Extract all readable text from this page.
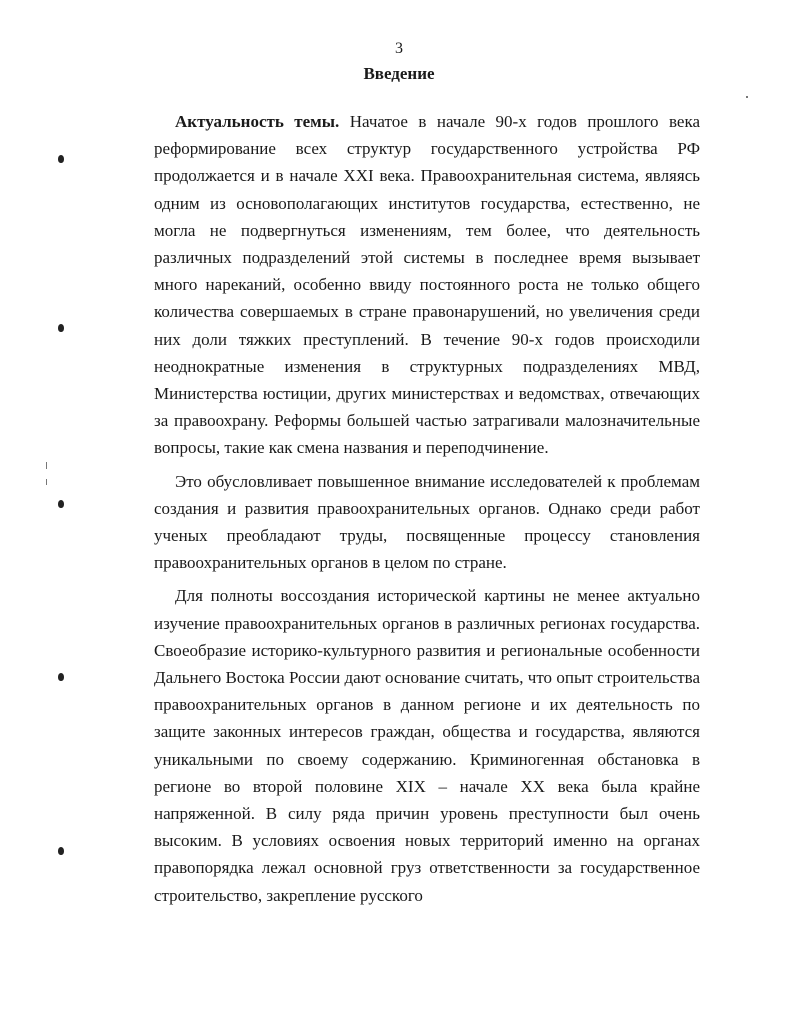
3
Введение

Актуальность темы. Начатое в начале 90-х годов прошлого века реформирование всех структур государственного устройства РФ продолжается и в начале XXI века. Правоохранительная система, являясь одним из основополагающих институтов государства, естественно, не могла не подвергнуться изменениям, тем более, что деятельность различных подразделений этой системы в последнее время вызывает много нареканий, особенно ввиду постоянного роста не только общего количества совершаемых в стране правонарушений, но увеличения среди них доли тяжких преступлений. В течение 90-х годов происходили неоднократные изменения в структурных подразделениях МВД, Министерства юстиции, других министерствах и ведомствах, отвечающих за правоохрану. Реформы большей частью затрагивали малозначительные вопросы, такие как смена названия и переподчинение.

Это обусловливает повышенное внимание исследователей к проблемам создания и развития правоохранительных органов. Однако среди работ ученых преобладают труды, посвященные процессу становления правоохранительных органов в целом по стране.

Для полноты воссоздания исторической картины не менее актуально изучение правоохранительных органов в различных регионах государства. Своеобразие историко-культурного развития и региональные особенности Дальнего Востока России дают основание считать, что опыт строительства правоохранительных органов в данном регионе и их деятельность по защите законных интересов граждан, общества и государства, являются уникальными по своему содержанию. Криминогенная обстановка в регионе во второй половине XIX – начале XX века была крайне напряженной. В силу ряда причин уровень преступности был очень высоким. В условиях освоения новых территорий именно на органах правопорядка лежал основной груз ответственности за государственное строительство, закрепление русского
